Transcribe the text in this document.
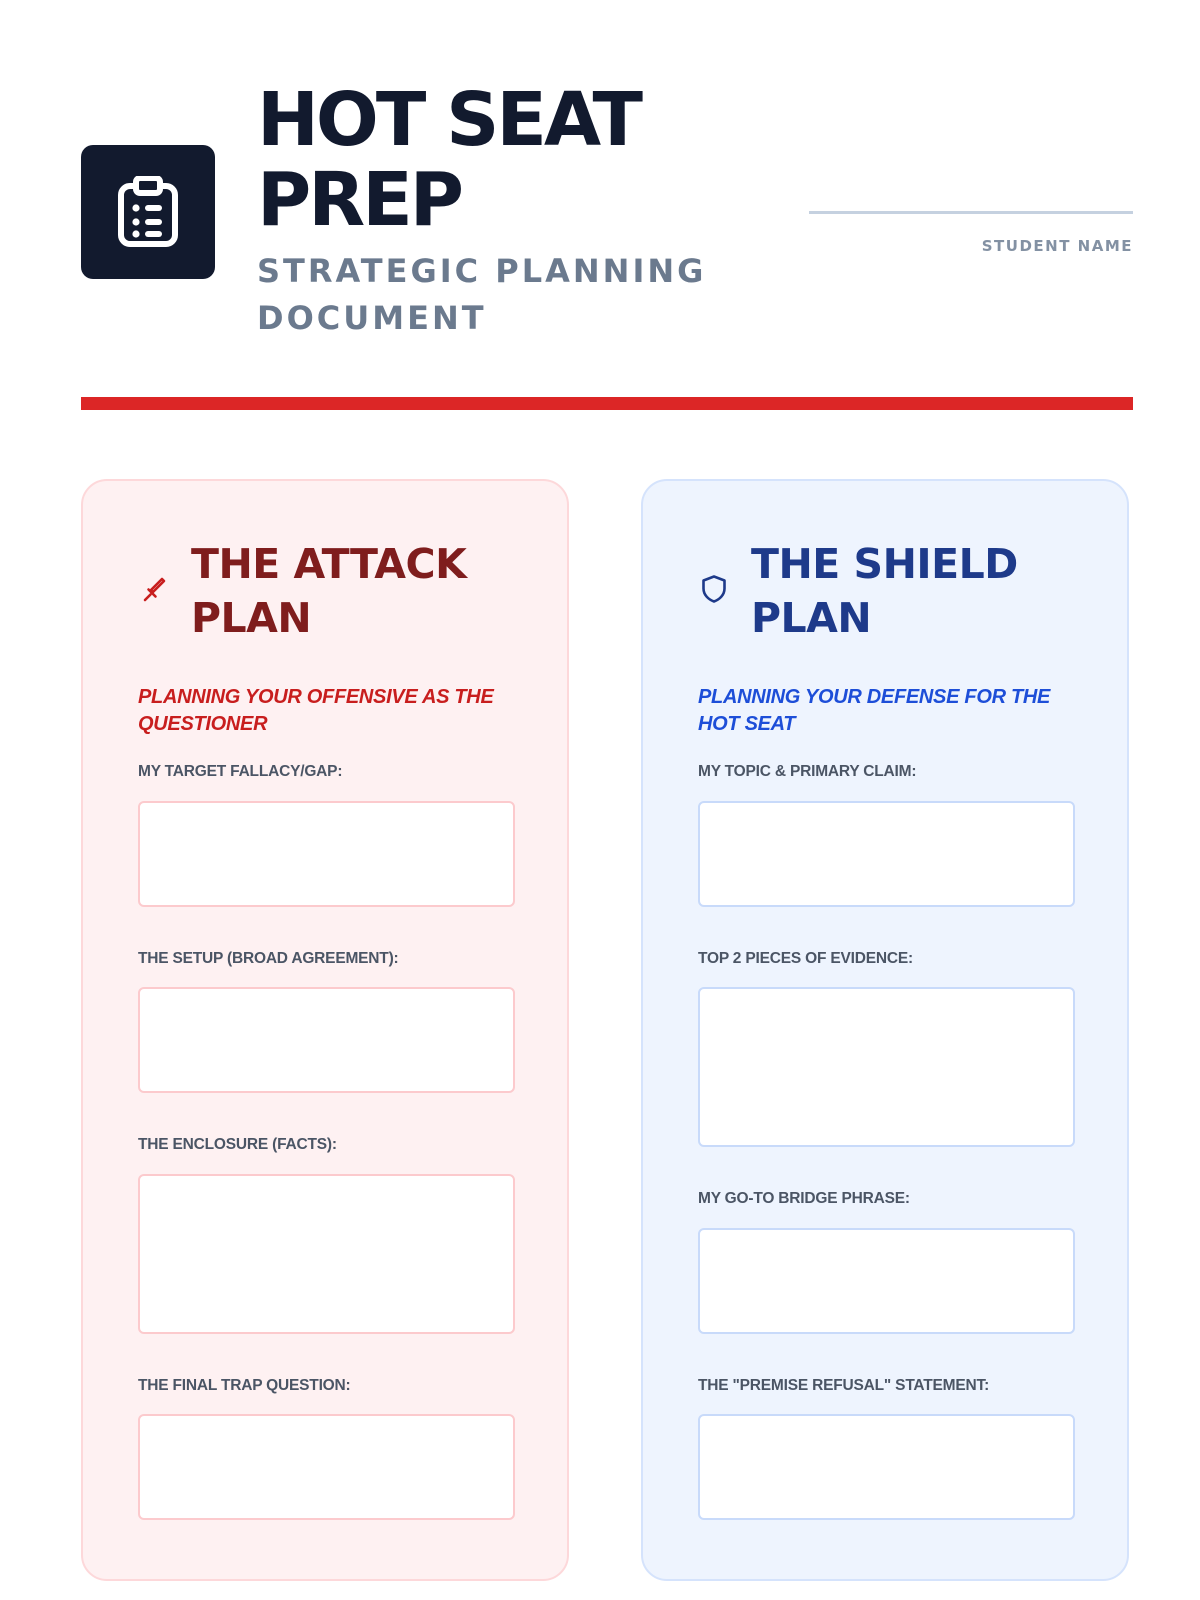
HOT SEAT PREP

STRATEGIC PLANNING DOCUMENT

STUDENT NAME
THE ATTACK PLAN

PLANNING YOUR OFFENSIVE AS THE QUESTIONER

MY TARGET FALLACY/GAP:

THE SETUP (BROAD AGREEMENT):

THE ENCLOSURE (FACTS):

THE FINAL TRAP QUESTION:

THE SHIELD PLAN

PLANNING YOUR DEFENSE FOR THE HOT SEAT

MY TOPIC & PRIMARY CLAIM:

TOP 2 PIECES OF EVIDENCE:

MY GO-TO BRIDGE PHRASE:

THE "PREMISE REFUSAL" STATEMENT:
